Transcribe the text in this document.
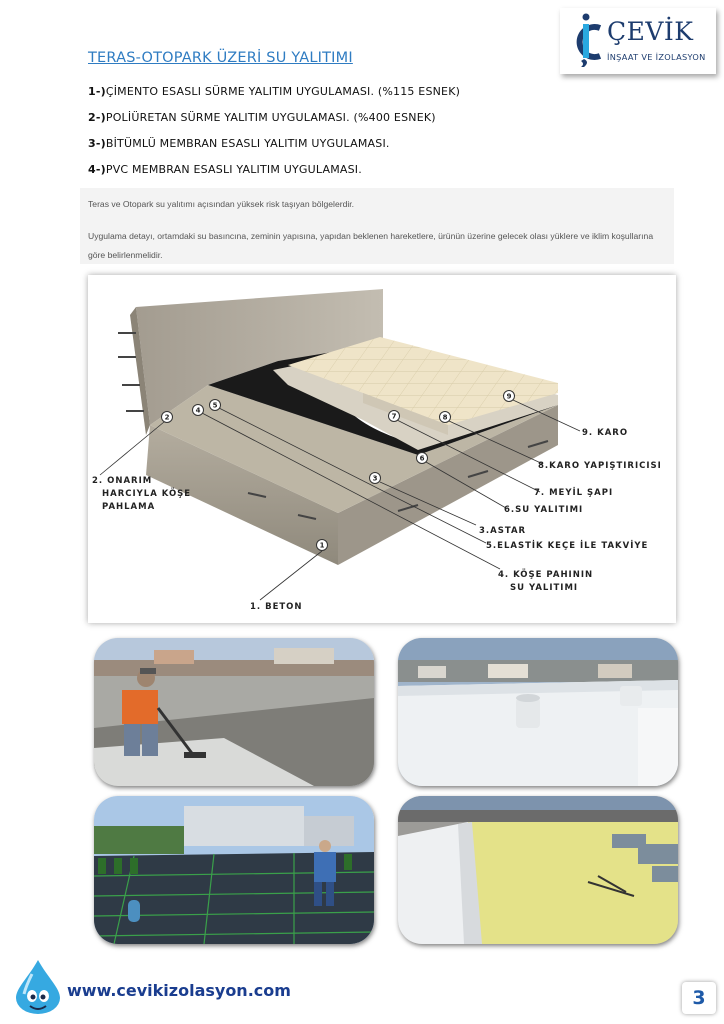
TERAS-OTOPARK ÜZERİ SU YALITIMI
1-)ÇİMENTO ESASLI SÜRME YALITIM UYGULAMASI. (%115 ESNEK)
2-)POLİÜRETAN SÜRME YALITIM UYGULAMASI. (%400 ESNEK)
3-)BİTÜMLÜ MEMBRAN ESASLI YALITIM UYGULAMASI.
4-)PVC MEMBRAN ESASLI YALITIM UYGULAMASI.
ÇEVİK
İNŞAAT VE İZOLASYON

Teras ve Otopark su yalıtımı açısından yüksek risk taşıyan bölgelerdir.

Uygulama detayı, ortamdaki su basıncına, zeminin yapısına, yapıdan beklenen hareketlere, ürünün üzerine gelecek olası yüklere ve iklim koşullarına göre belirlenmelidir.

1
2
3
4
5
6
7	8
9
1. BETON
2. ONARIM
HARCIYLA KÖŞE
PAHLAMA
3.ASTAR
4. KÖŞE PAHININ
SU YALITIMI
5.ELASTİK KEÇE İLE TAKVİYE
6.SU YALITIMI
7. MEYİL ŞAPI
8.KARO YAPIŞTIRICISI
9. KARO
www.cevikizolasyon.com	3
